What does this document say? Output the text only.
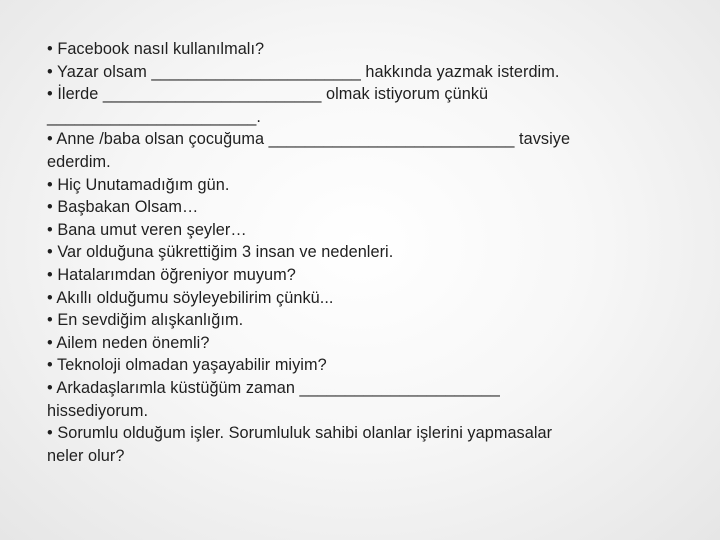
• Facebook nasıl kullanılmalı?
• Yazar olsam _______________________ hakkında yazmak isterdim.
• İlerde ________________________ olmak istiyorum çünkü
_______________________.
• Anne /baba olsan çocuğuma ___________________________ tavsiye
ederdim.
• Hiç Unutamadığım gün.
• Başbakan Olsam…
• Bana umut veren şeyler…
• Var olduğuna şükrettiğim 3 insan ve nedenleri.
• Hatalarımdan öğreniyor muyum?
• Akıllı olduğumu söyleyebilirim çünkü...
• En sevdiğim alışkanlığım.
• Ailem neden önemli?
• Teknoloji olmadan yaşayabilir miyim?
• Arkadaşlarımla küstüğüm zaman ______________________
hissediyorum.
• Sorumlu olduğum işler. Sorumluluk sahibi olanlar işlerini yapmasalar
neler olur?
